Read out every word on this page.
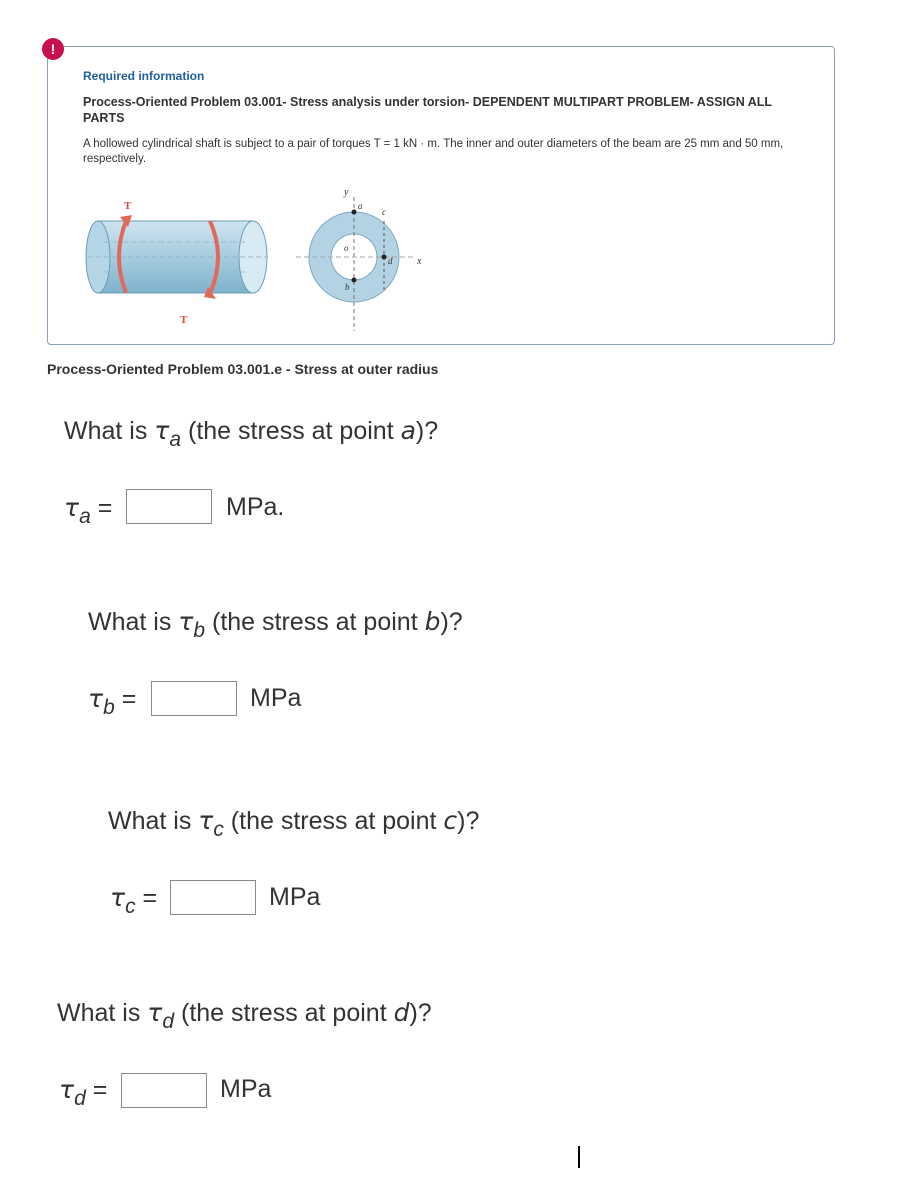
!
Required information
Process-Oriented Problem 03.001- Stress analysis under torsion- DEPENDENT MULTIPART PROBLEM- ASSIGN ALL PARTS
A hollowed cylindrical shaft is subject to a pair of torques T = 1 kN · m. The inner and outer diameters of the beam are 25 mm and 50 mm, respectively.
T
T
y
x
a
b
c
d
o
Process-Oriented Problem 03.001.e - Stress at outer radius
What is $\tau_a$ (the stress at point a)?
$\tau_a$ =	MPa.
What is $\tau_b$ (the stress at point b)?
$\tau_b$ =	MPa
What is $\tau_c$ (the stress at point c)?
$\tau_c$ =	MPa
What is $\tau_d$ (the stress at point d)?
$\tau_d$ =	MPa
